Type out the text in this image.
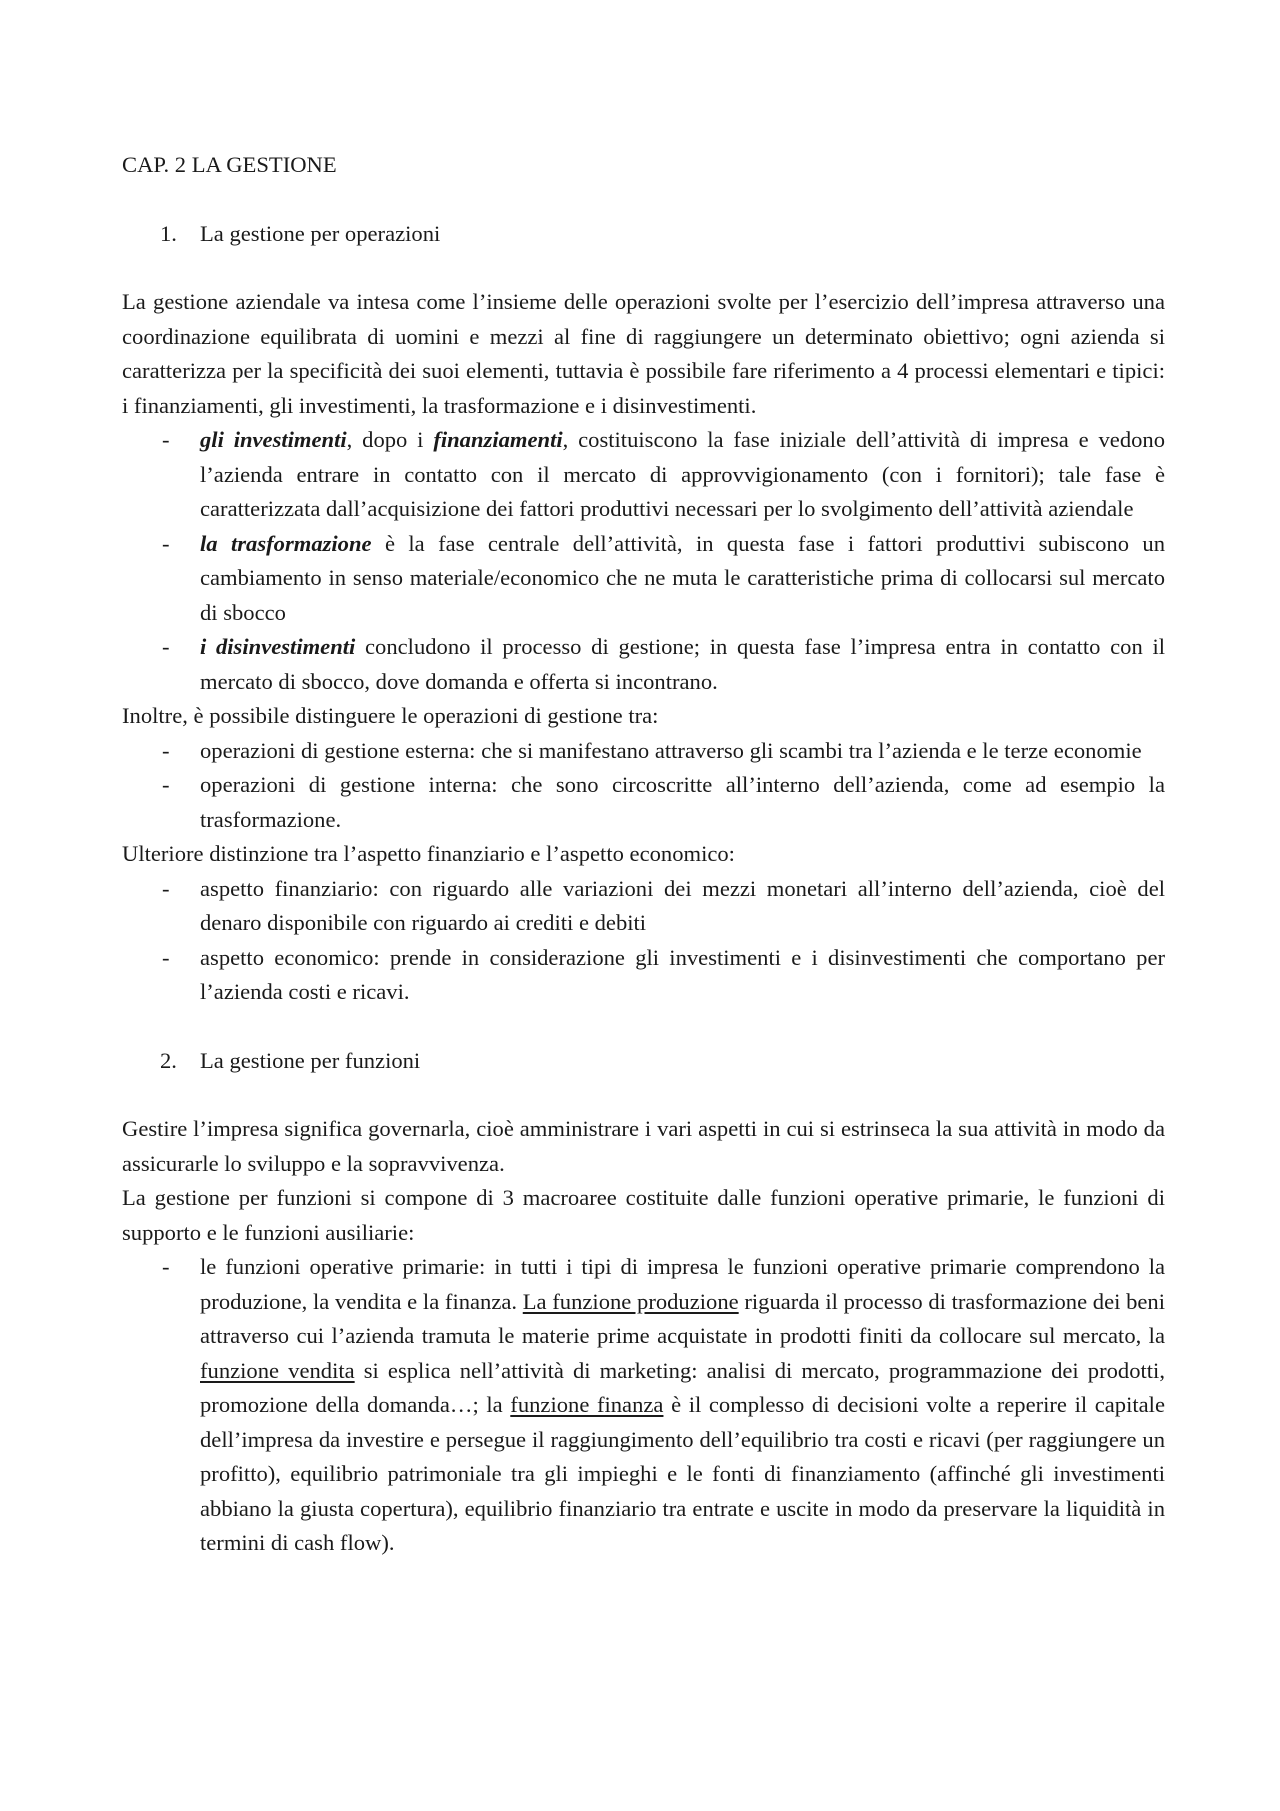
CAP. 2 LA GESTIONE
1. La gestione per operazioni

La gestione aziendale va intesa come l’insieme delle operazioni svolte per l’esercizio dell’impresa attraverso una coordinazione equilibrata di uomini e mezzi al fine di raggiungere un determinato obiettivo; ogni azienda si caratterizza per la specificità dei suoi elementi, tuttavia è possibile fare riferimento a 4 processi elementari e tipici: i finanziamenti, gli investimenti, la trasformazione e i disinvestimenti.

- gli investimenti, dopo i finanziamenti, costituiscono la fase iniziale dell’attività di impresa e vedono l’azienda entrare in contatto con il mercato di approvvigionamento (con i fornitori); tale fase è caratterizzata dall’acquisizione dei fattori produttivi necessari per lo svolgimento dell’attività aziendale
- la trasformazione è la fase centrale dell’attività, in questa fase i fattori produttivi subiscono un cambiamento in senso materiale/economico che ne muta le caratteristiche prima di collocarsi sul mercato di sbocco
- i disinvestimenti concludono il processo di gestione; in questa fase l’impresa entra in contatto con il mercato di sbocco, dove domanda e offerta si incontrano.

Inoltre, è possibile distinguere le operazioni di gestione tra:

- operazioni di gestione esterna: che si manifestano attraverso gli scambi tra l’azienda e le terze economie
- operazioni di gestione interna: che sono circoscritte all’interno dell’azienda, come ad esempio la trasformazione.

Ulteriore distinzione tra l’aspetto finanziario e l’aspetto economico:

- aspetto finanziario: con riguardo alle variazioni dei mezzi monetari all’interno dell’azienda, cioè del denaro disponibile con riguardo ai crediti e debiti
- aspetto economico: prende in considerazione gli investimenti e i disinvestimenti che comportano per l’azienda costi e ricavi.
2. La gestione per funzioni

Gestire l’impresa significa governarla, cioè amministrare i vari aspetti in cui si estrinseca la sua attività in modo da assicurarle lo sviluppo e la sopravvivenza.

La gestione per funzioni si compone di 3 macroaree costituite dalle funzioni operative primarie, le funzioni di supporto e le funzioni ausiliarie:

- le funzioni operative primarie: in tutti i tipi di impresa le funzioni operative primarie comprendono la produzione, la vendita e la finanza. La funzione produzione riguarda il processo di trasformazione dei beni attraverso cui l’azienda tramuta le materie prime acquistate in prodotti finiti da collocare sul mercato, la funzione vendita si esplica nell’attività di marketing: analisi di mercato, programmazione dei prodotti, promozione della domanda…; la funzione finanza è il complesso di decisioni volte a reperire il capitale dell’impresa da investire e persegue il raggiungimento dell’equilibrio tra costi e ricavi (per raggiungere un profitto), equilibrio patrimoniale tra gli impieghi e le fonti di finanziamento (affinché gli investimenti abbiano la giusta copertura), equilibrio finanziario tra entrate e uscite in modo da preservare la liquidità in termini di cash flow).
